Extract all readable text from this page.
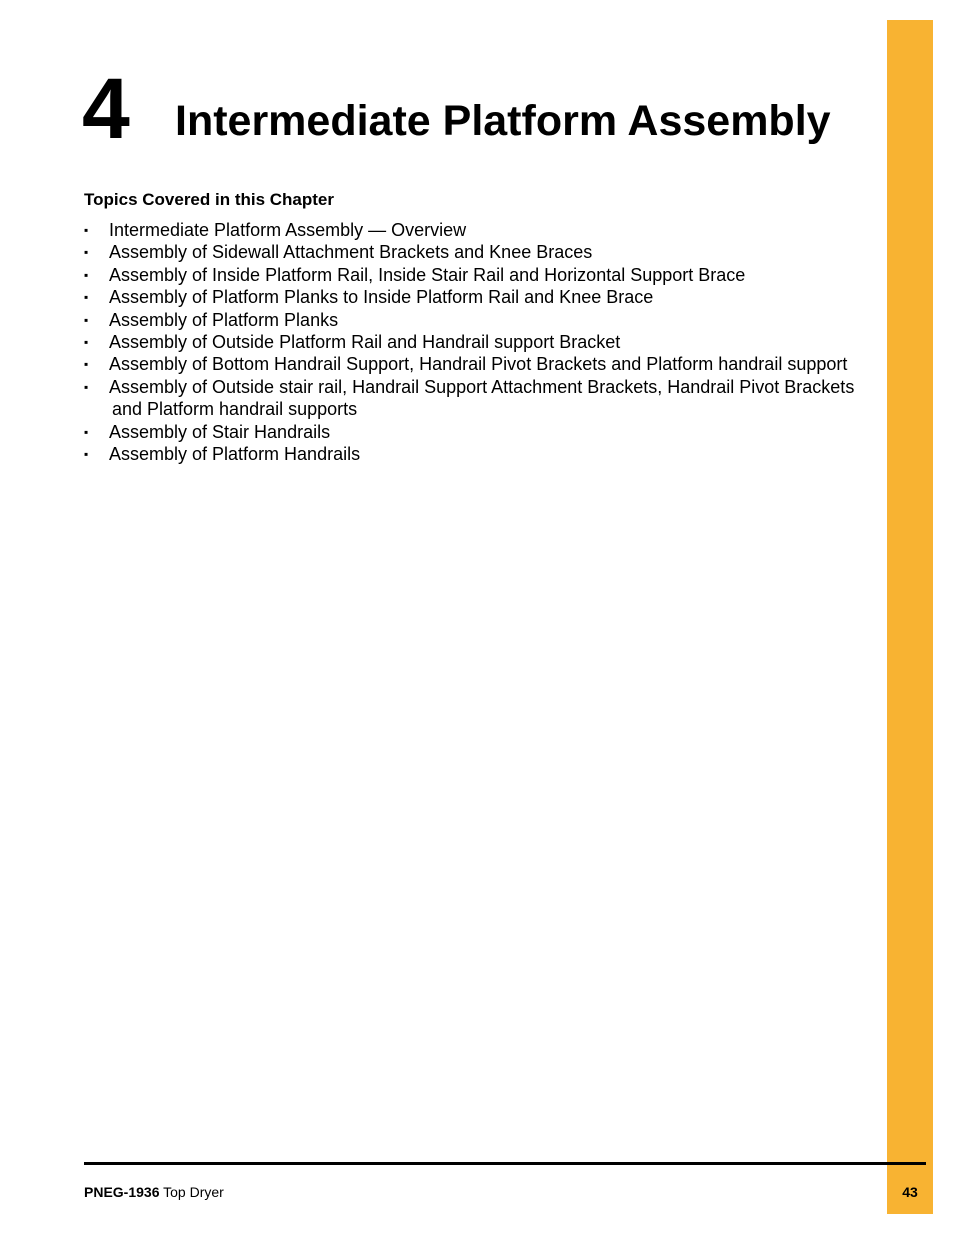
4 Intermediate Platform Assembly
Topics Covered in this Chapter
▪ Intermediate Platform Assembly — Overview
▪ Assembly of Sidewall Attachment Brackets and Knee Braces
▪ Assembly of Inside Platform Rail, Inside Stair Rail and Horizontal Support Brace
▪ Assembly of Platform Planks to Inside Platform Rail and Knee Brace
▪ Assembly of Platform Planks
▪ Assembly of Outside Platform Rail and Handrail support Bracket
▪ Assembly of Bottom Handrail Support, Handrail Pivot Brackets and Platform handrail support
▪ Assembly of Outside stair rail, Handrail Support Attachment Brackets, Handrail Pivot Brackets
and Platform handrail supports
▪ Assembly of Stair Handrails
▪ Assembly of Platform Handrails
PNEG-1936 Top Dryer	43
